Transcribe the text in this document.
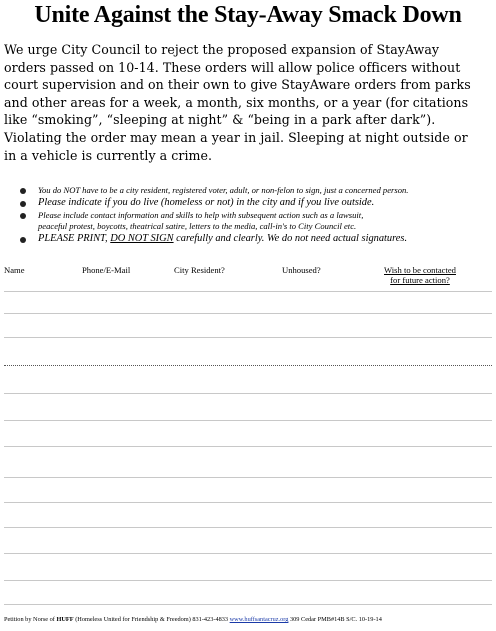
Unite Against the Stay-Away Smack Down
We urge City Council to reject the proposed expansion of StayAway
orders passed on 10-14. These orders will allow police officers without
court supervision and on their own to give StayAware orders from parks
and other areas for a week, a month, six months, or a year (for citations
like “smoking”, “sleeping at night” & “being in a park after dark”).
Violating the order may mean a year in jail. Sleeping at night outside or
in a vehicle is currently a crime.
You do NOT have to be a city resident, registered voter, adult, or non-felon to sign, just a concerned person.
Please indicate if you do live (homeless or not) in the city and if you live outside.
Please include contact information and skills to help with subsequent action such as a lawsuit,
peaceful protest, boycotts, theatrical satire, letters to the media, call-in's to City Council etc.
PLEASE PRINT, DO NOT SIGN carefully and clearly. We do not need actual signatures.
Name	Phone/E-Mail	City Resident?	Unhoused?	Wish to be contacted
for future action?
Petition by Norse of HUFF (Homeless United for Friendship & Freedom) 831-423-4833 www.huffsantacruz.org 309 Cedar PMB#14B S/C. 10-19-14
